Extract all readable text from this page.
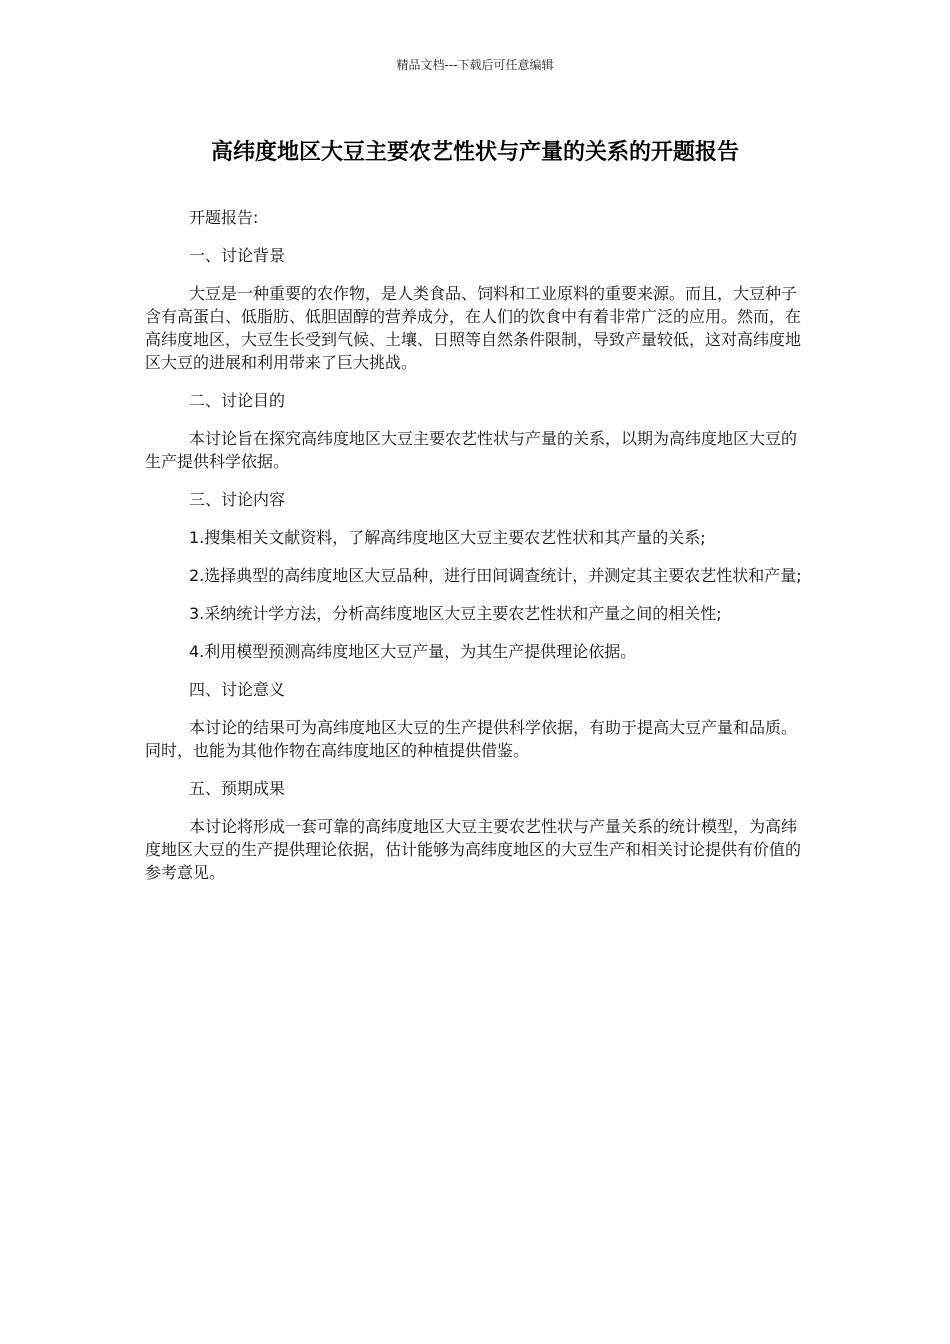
精品文档---下载后可任意编辑
高纬度地区大豆主要农艺性状与产量的关系的开题报告

开题报告:

一、讨论背景

大豆是一种重要的农作物，是人类食品、饲料和工业原料的重要来源。而且，大豆种子含有高蛋白、低脂肪、低胆固醇的营养成分，在人们的饮食中有着非常广泛的应用。然而，在高纬度地区，大豆生长受到气候、土壤、日照等自然条件限制，导致产量较低，这对高纬度地区大豆的进展和利用带来了巨大挑战。

二、讨论目的

本讨论旨在探究高纬度地区大豆主要农艺性状与产量的关系，以期为高纬度地区大豆的生产提供科学依据。

三、讨论内容

1.搜集相关文献资料，了解高纬度地区大豆主要农艺性状和其产量的关系;

2.选择典型的高纬度地区大豆品种，进行田间调查统计，并测定其主要农艺性状和产量;

3.采纳统计学方法，分析高纬度地区大豆主要农艺性状和产量之间的相关性;

4.利用模型预测高纬度地区大豆产量，为其生产提供理论依据。

四、讨论意义

本讨论的结果可为高纬度地区大豆的生产提供科学依据，有助于提高大豆产量和品质。同时，也能为其他作物在高纬度地区的种植提供借鉴。

五、预期成果

本讨论将形成一套可靠的高纬度地区大豆主要农艺性状与产量关系的统计模型，为高纬度地区大豆的生产提供理论依据，估计能够为高纬度地区的大豆生产和相关讨论提供有价值的参考意见。
